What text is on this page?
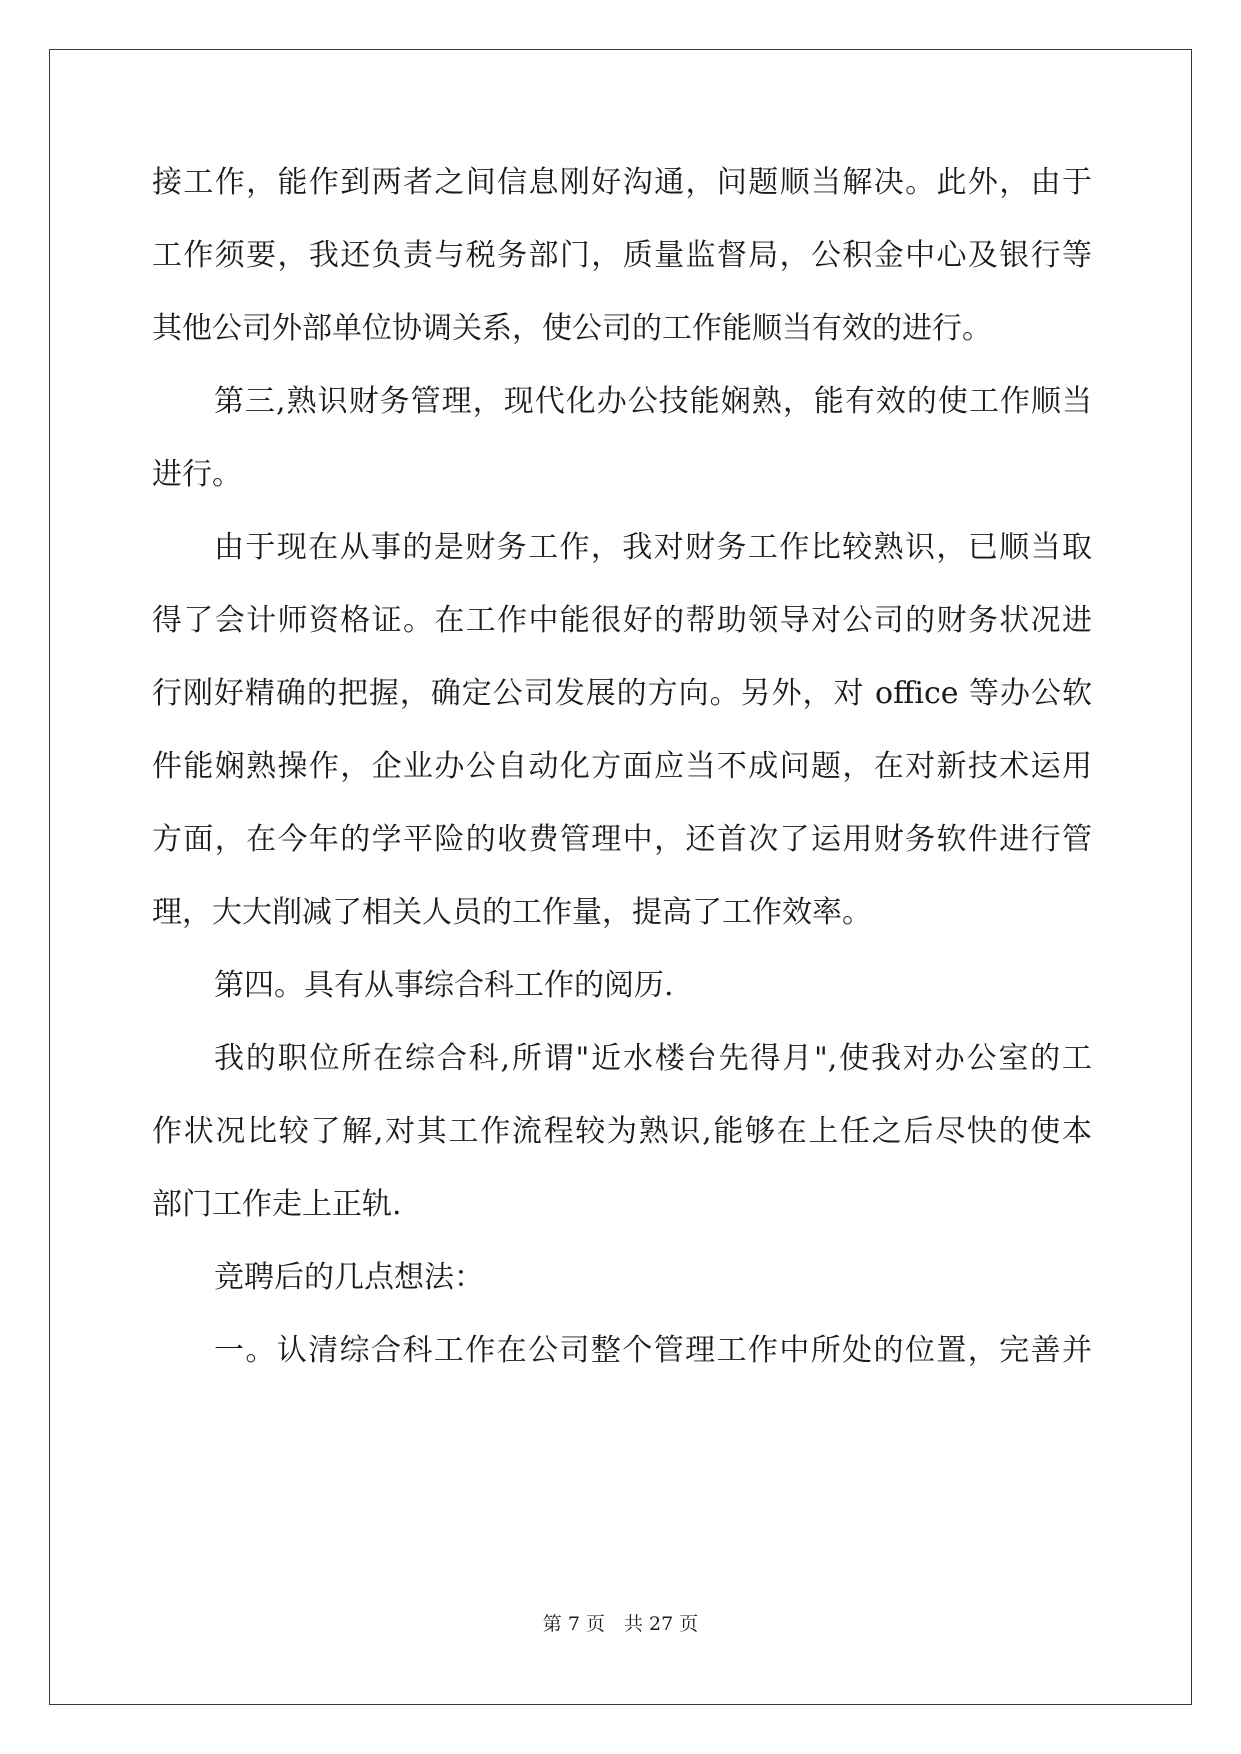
接工作，能作到两者之间信息刚好沟通，问题顺当解决。此外，由于
工作须要，我还负责与税务部门，质量监督局，公积金中心及银行等
其他公司外部单位协调关系，使公司的工作能顺当有效的进行。
第三,熟识财务管理，现代化办公技能娴熟，能有效的使工作顺当
进行。
由于现在从事的是财务工作，我对财务工作比较熟识，已顺当取
得了会计师资格证。在工作中能很好的帮助领导对公司的财务状况进
行刚好精确的把握，确定公司发展的方向。另外，对 office 等办公软
件能娴熟操作，企业办公自动化方面应当不成问题，在对新技术运用
方面，在今年的学平险的收费管理中，还首次了运用财务软件进行管
理，大大削减了相关人员的工作量，提高了工作效率。
第四。具有从事综合科工作的阅历.
我的职位所在综合科,所谓"近水楼台先得月",使我对办公室的工
作状况比较了解,对其工作流程较为熟识,能够在上任之后尽快的使本
部门工作走上正轨.
竞聘后的几点想法：
一。认清综合科工作在公司整个管理工作中所处的位置，完善并
第 7 页　共 27 页
